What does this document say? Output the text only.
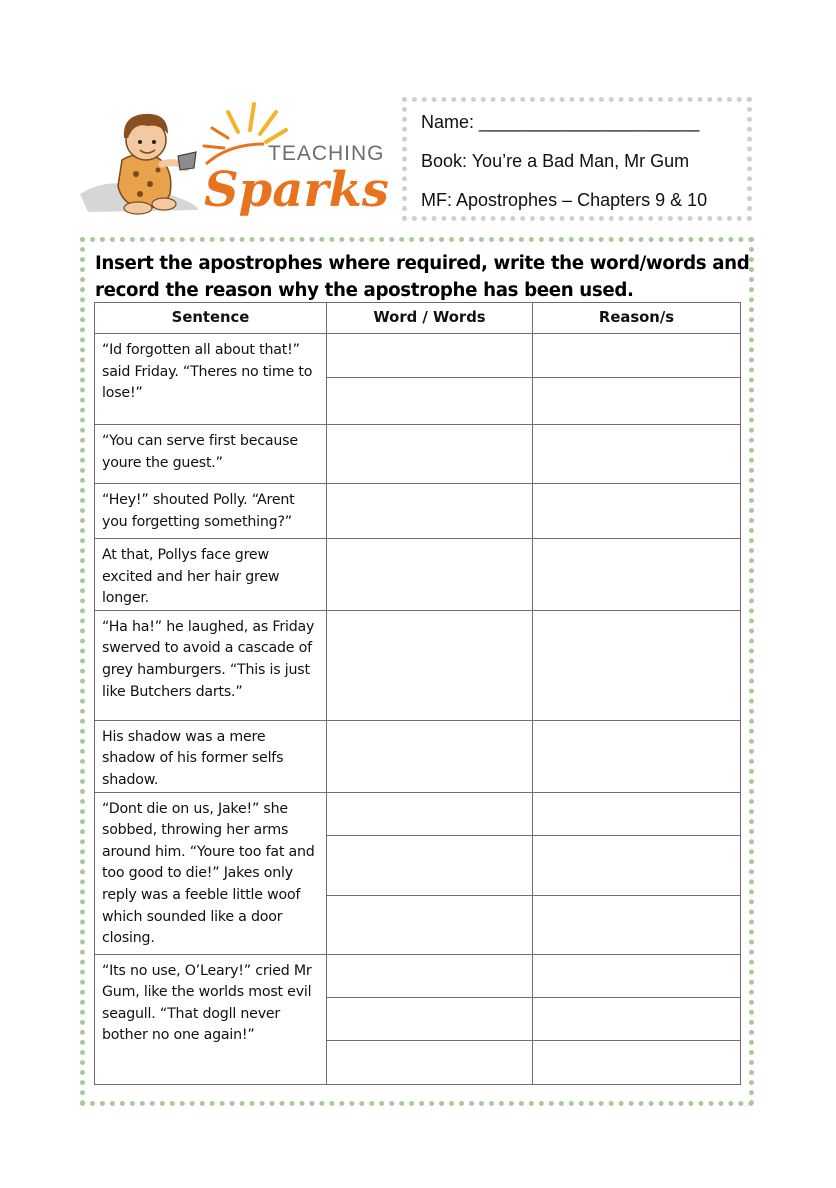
TEACHING
Sparks
Name: ______________________
Book: You’re a Bad Man, Mr Gum
MF: Apostrophes – Chapters 9 & 10
Insert the apostrophes where required, write the word/words and
record the reason why the apostrophe has been used.
Sentence	Word / Words	Reason/s
“Id forgotten all about that!” said Friday. “Theres no time to lose!”		

“You can serve first because youre the guest.”		
“Hey!” shouted Polly. “Arent you forgetting something?”		
At that, Pollys face grew excited and her hair grew longer.		
“Ha ha!” he laughed, as Friday swerved to avoid a cascade of grey hamburgers. “This is just like Butchers darts.”		
His shadow was a mere shadow of his former selfs shadow.		
“Dont die on us, Jake!” she sobbed, throwing her arms around him. “Youre too fat and too good to die!” Jakes only reply was a feeble little woof which sounded like a door closing.		

“Its no use, O’Leary!” cried Mr Gum, like the worlds most evil seagull. “That dogll never bother no one again!”		
